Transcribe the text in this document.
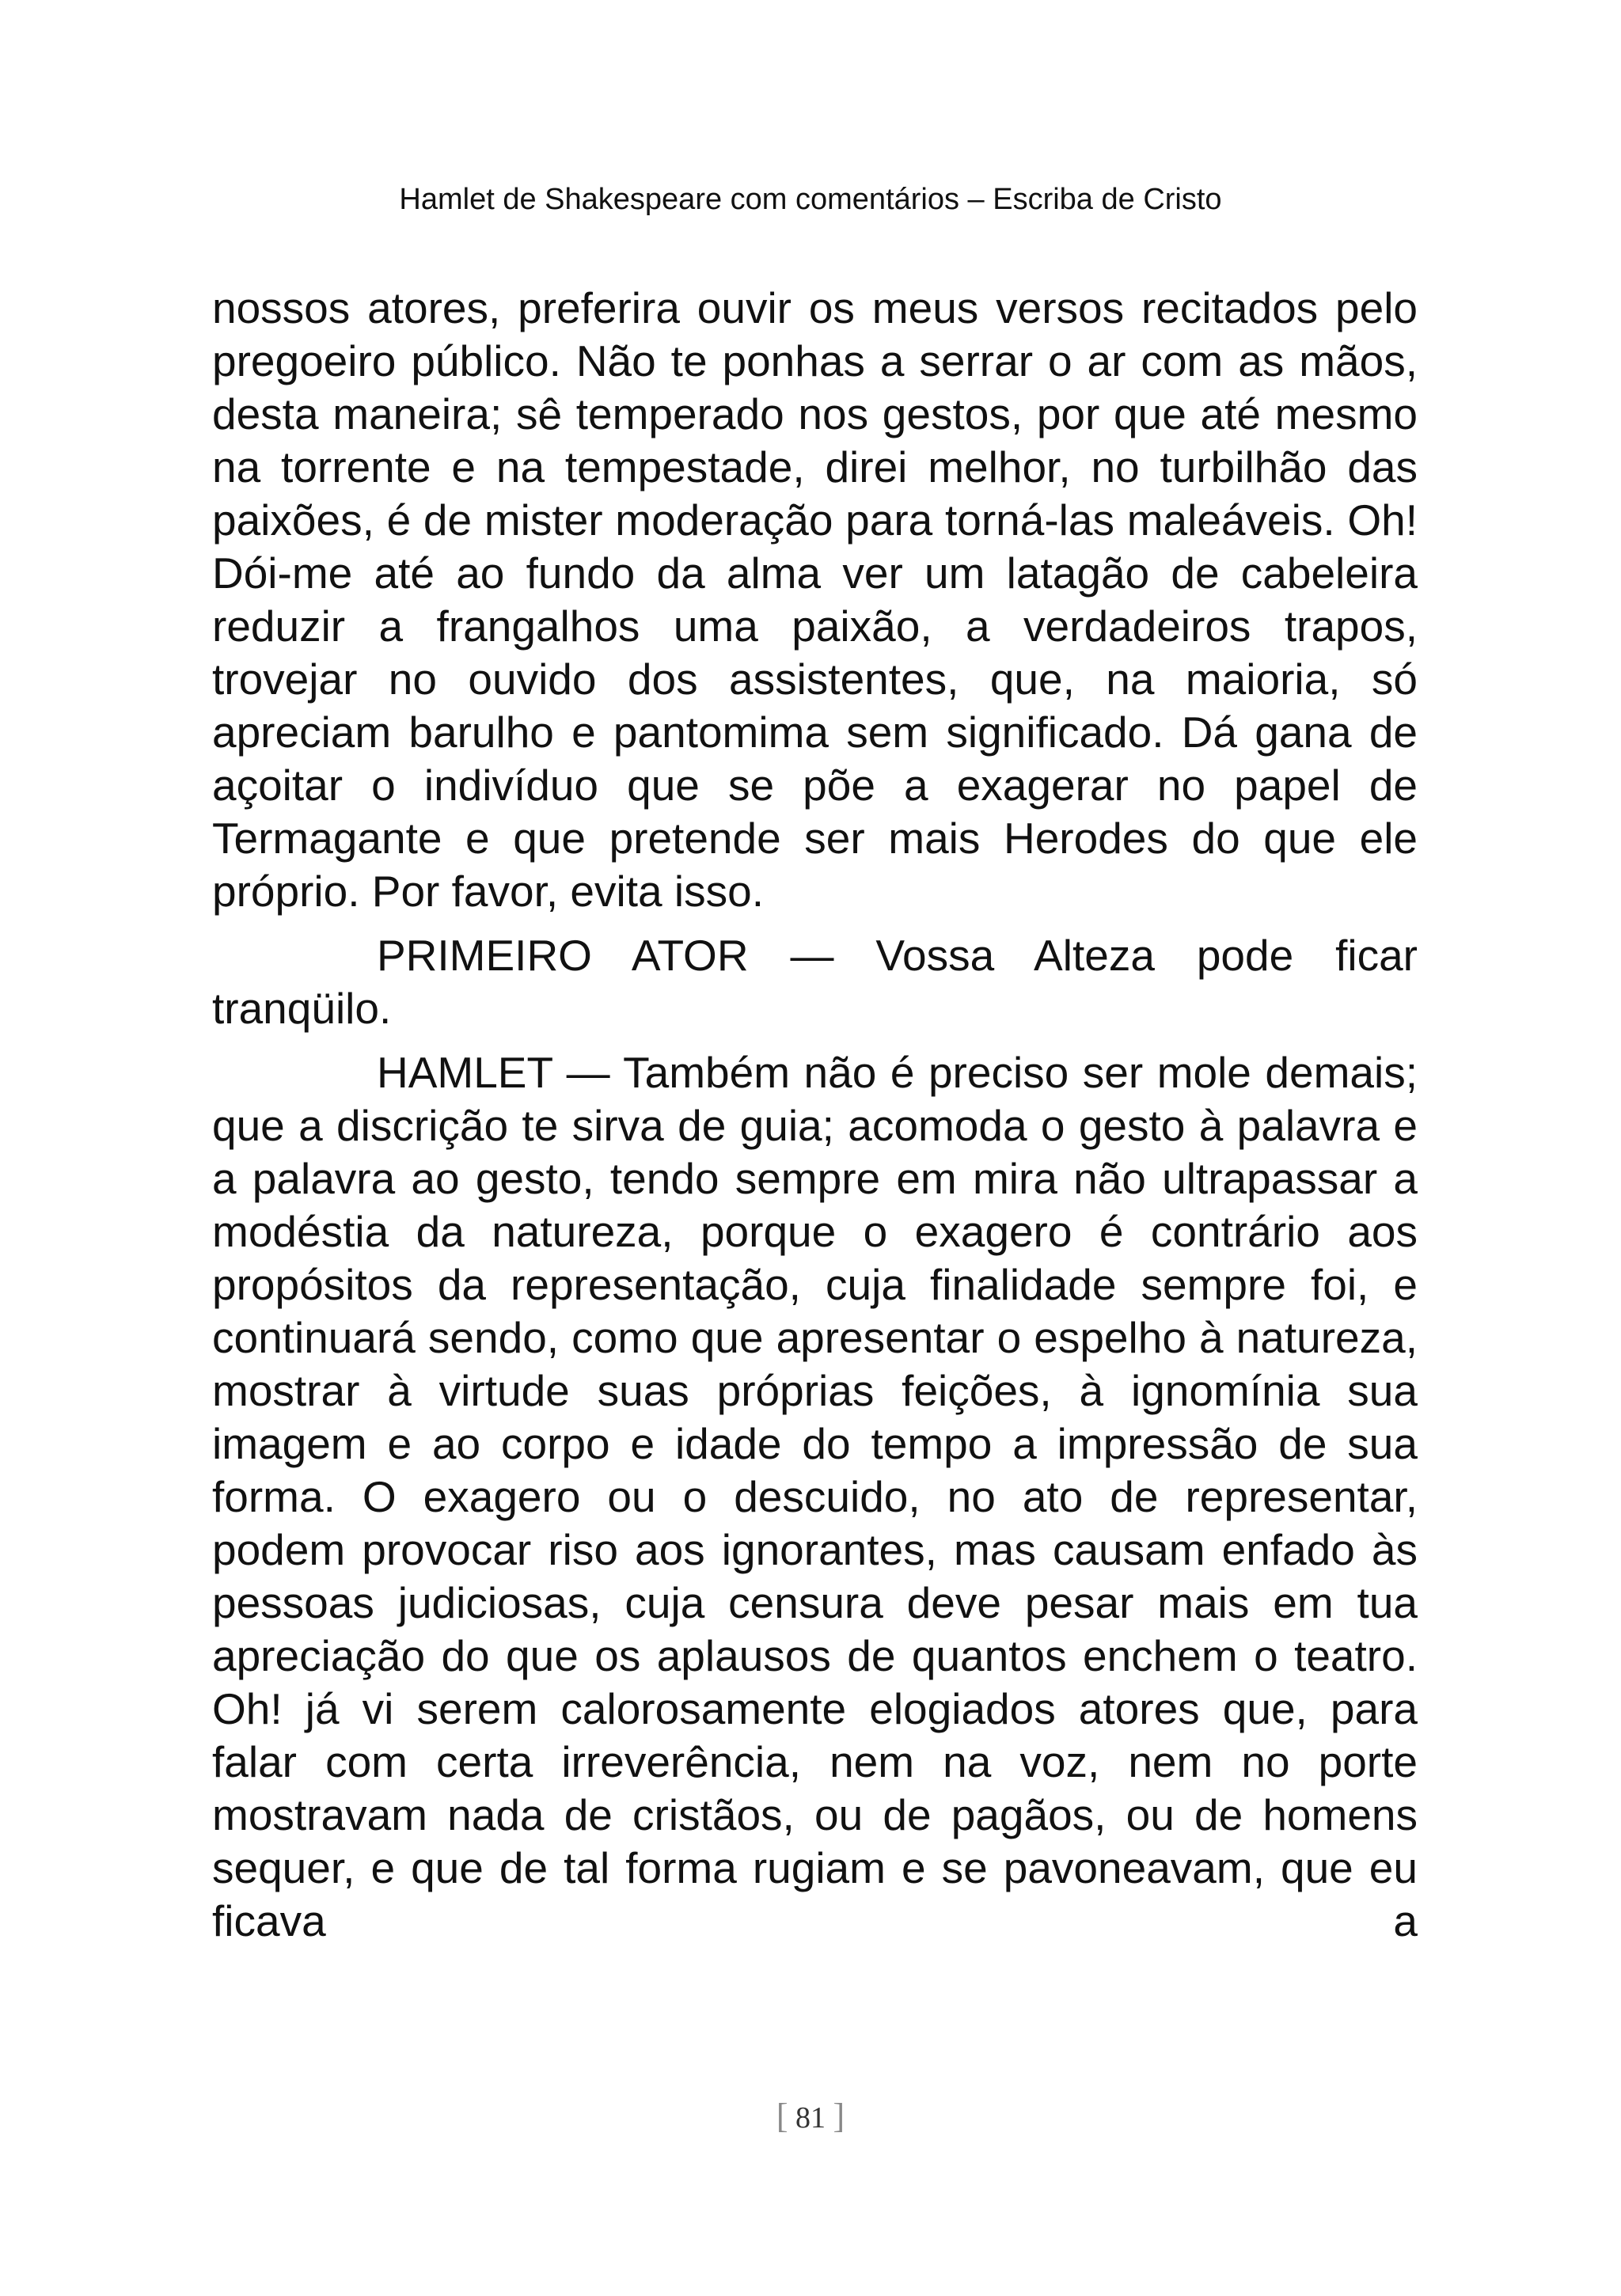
Hamlet de Shakespeare com comentários – Escriba de Cristo

nossos atores, preferira ouvir os meus versos recitados pelo pregoeiro público. Não te ponhas a serrar o ar com as mãos, desta maneira; sê temperado nos gestos, por que até mesmo na torrente e na tempestade, direi melhor, no turbilhão das paixões, é de mister moderação para torná-las maleáveis. Oh! Dói-me até ao fundo da alma ver um latagão de cabeleira reduzir a frangalhos uma paixão, a verdadeiros trapos, trovejar no ouvido dos assistentes, que, na maioria, só apreciam barulho e pantomima sem significado. Dá gana de açoitar o indivíduo que se põe a exagerar no papel de Termagante e que pretende ser mais Herodes do que ele próprio. Por favor, evita isso.

PRIMEIRO ATOR — Vossa Alteza pode ficar tranqüilo.

HAMLET — Também não é preciso ser mole demais; que a discrição te sirva de guia; acomoda o gesto à palavra e a palavra ao gesto, tendo sempre em mira não ultrapassar a modéstia da natureza, porque o exagero é contrário aos propósitos da representação, cuja finalidade sempre foi, e continuará sendo, como que apresentar o espelho à natureza, mostrar à virtude suas próprias feições, à ignomínia sua imagem e ao corpo e idade do tempo a impressão de sua forma. O exagero ou o descuido, no ato de representar, podem provocar riso aos ignorantes, mas causam enfado às pessoas judiciosas, cuja censura deve pesar mais em tua apreciação do que os aplausos de quantos enchem o teatro. Oh! já vi serem calorosamente elogiados atores que, para falar com certa irreverência, nem na voz, nem no porte mostravam nada de cristãos, ou de pagãos, ou de homens sequer, e que de tal forma rugiam e se pavoneavam, que eu ficava a

[ 81 ]
